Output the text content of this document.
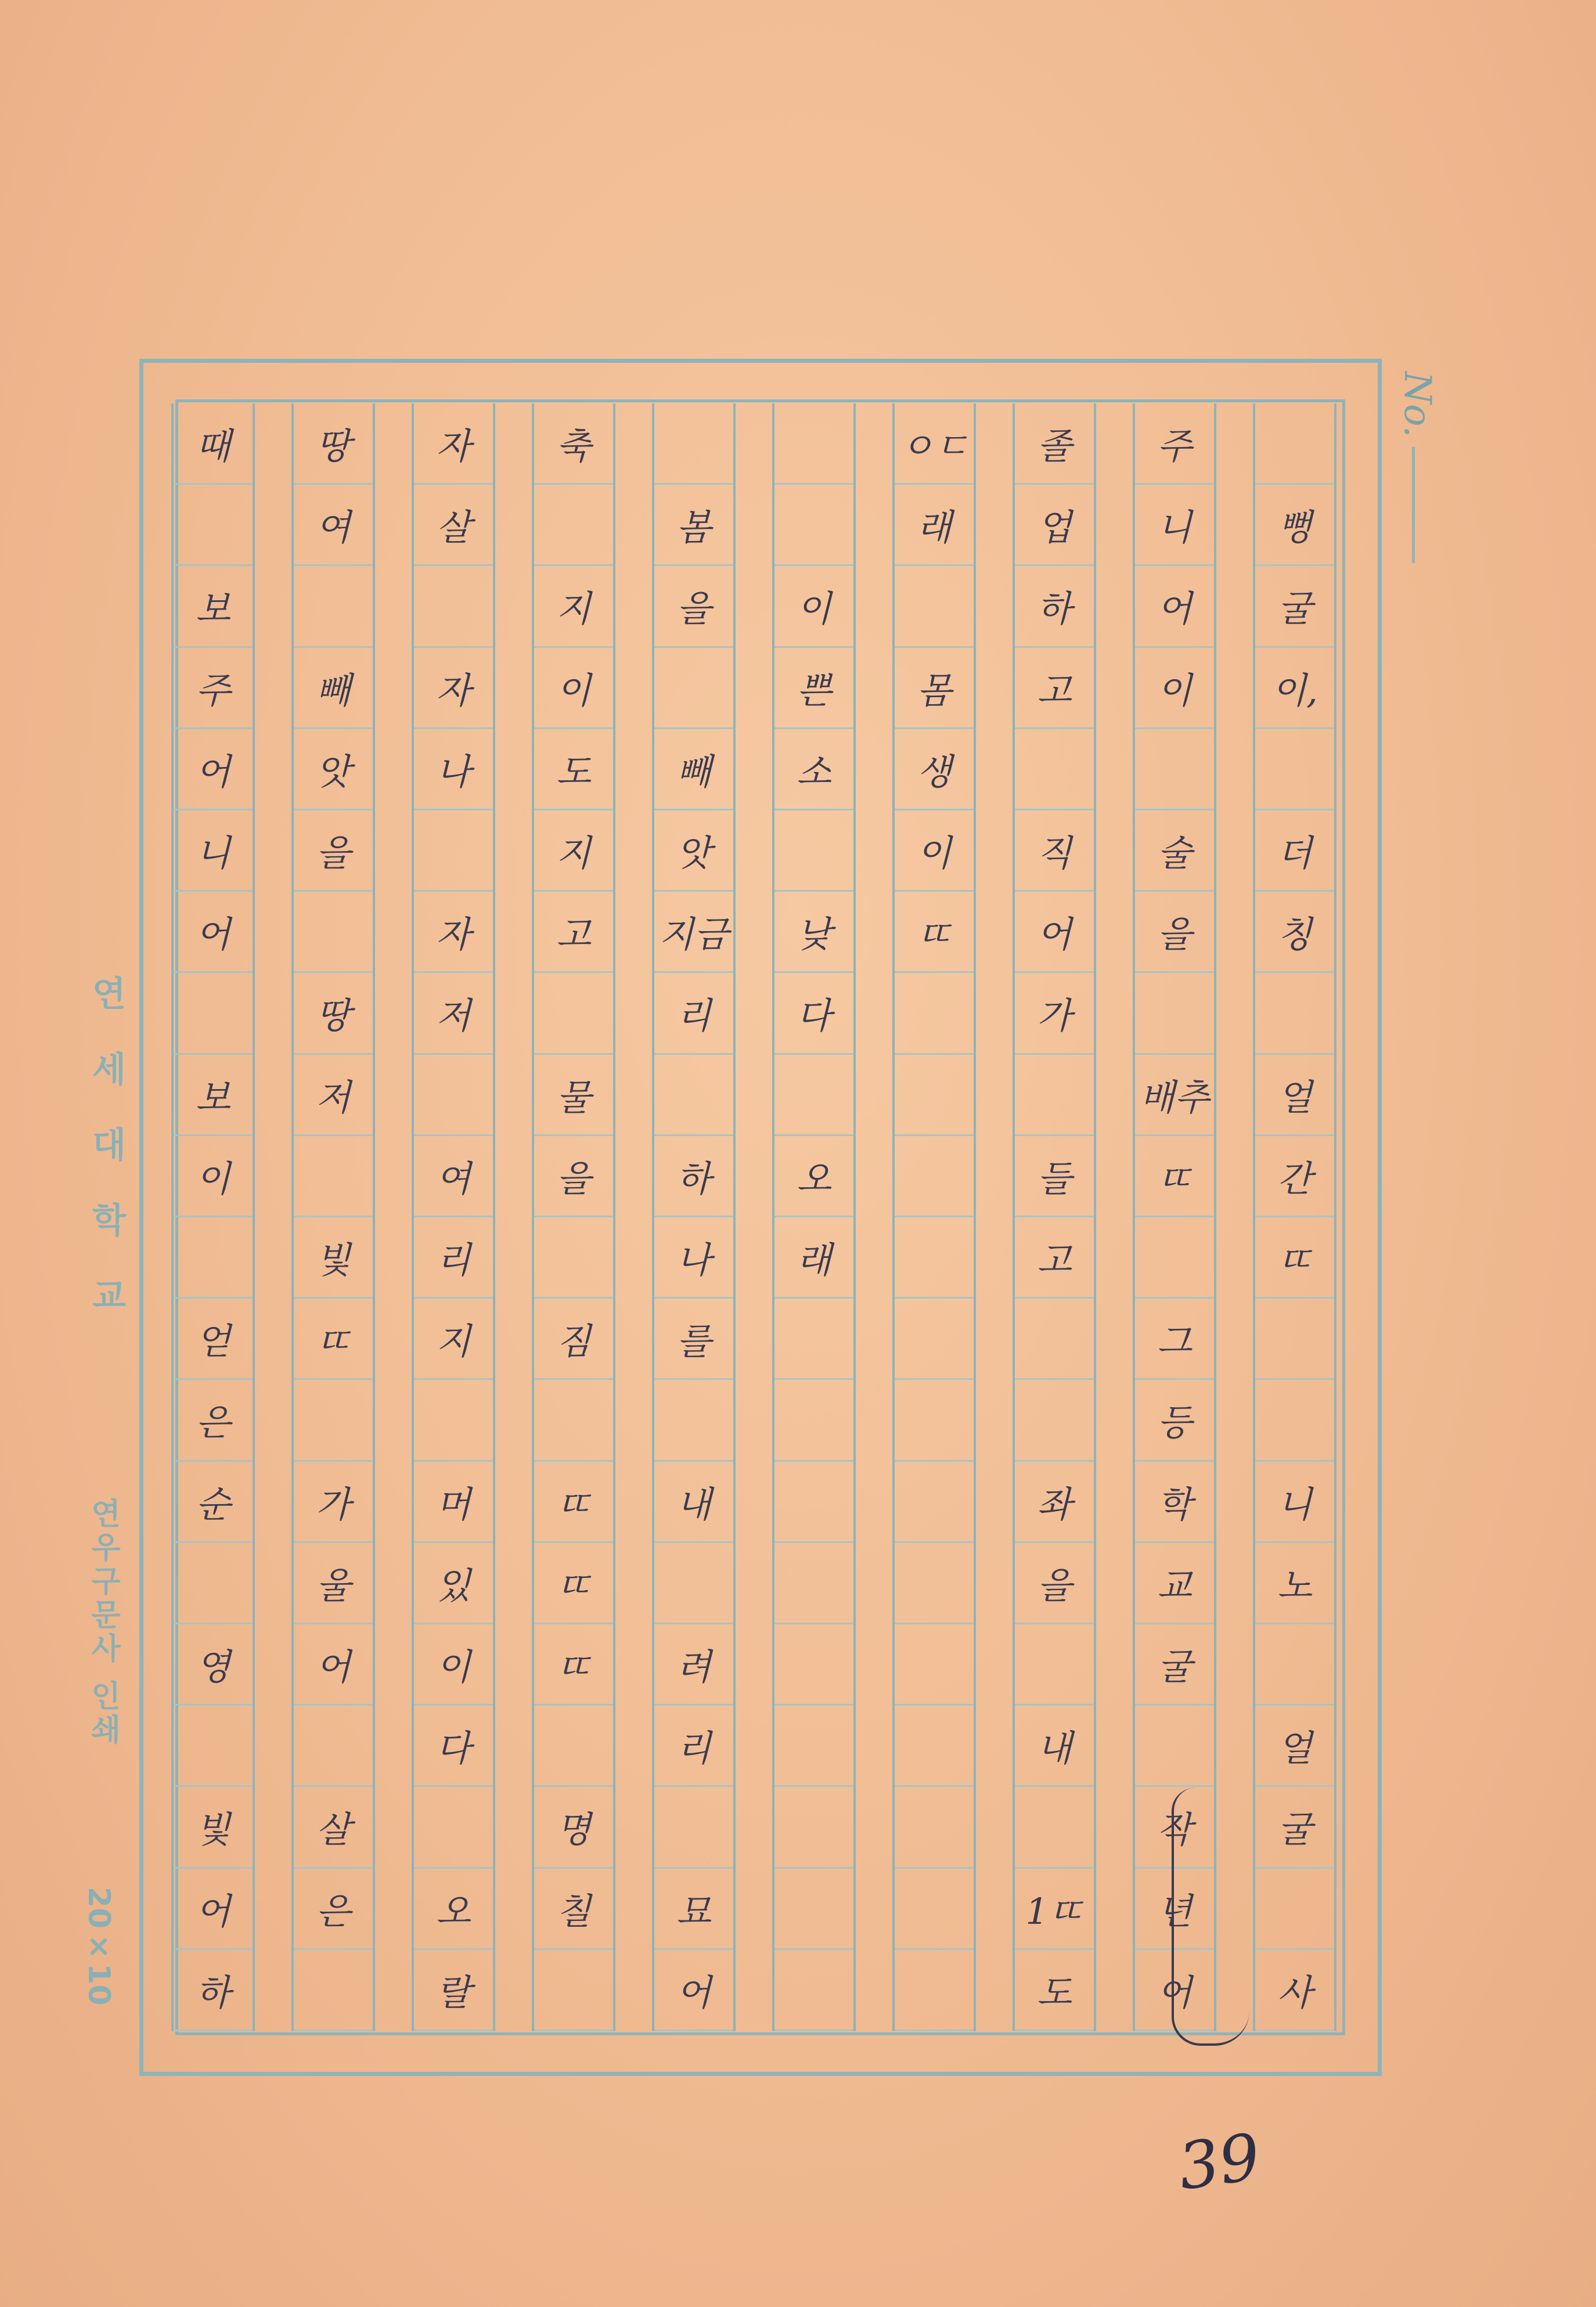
No.
연세대학교
연우구문사 인쇄
20×10
뻥
굴
이,
더
칭
얼
간
ㄸ
니
노
얼
굴
사
주
니
어
이
술
을
배추
ㄸ
그
등
학
교
굴
작
년
어
졸
업
하
고
직
어
가
들
고
좌
을
내
1ㄸ
도
ㅇㄷ
래
몸
생
이
ㄸ
이
쁜
소
낮
다
오
래
봄
을
빼
앗
지금
리
하
나
를
내
려
리
묘
어
축
지
이
도
지
고
물
을
짐
ㄸ
ㄸ
ㄸ
명
칠
자
살
자
나
자
저
여
리
지
머
있
이
다
오
랄
땅
여
빼
앗
을
땅
저
빛
ㄸ
가
울
어
살
은
때
보
주
어
니
어
보
이
얻
은
순
영
빛
어
하
39
